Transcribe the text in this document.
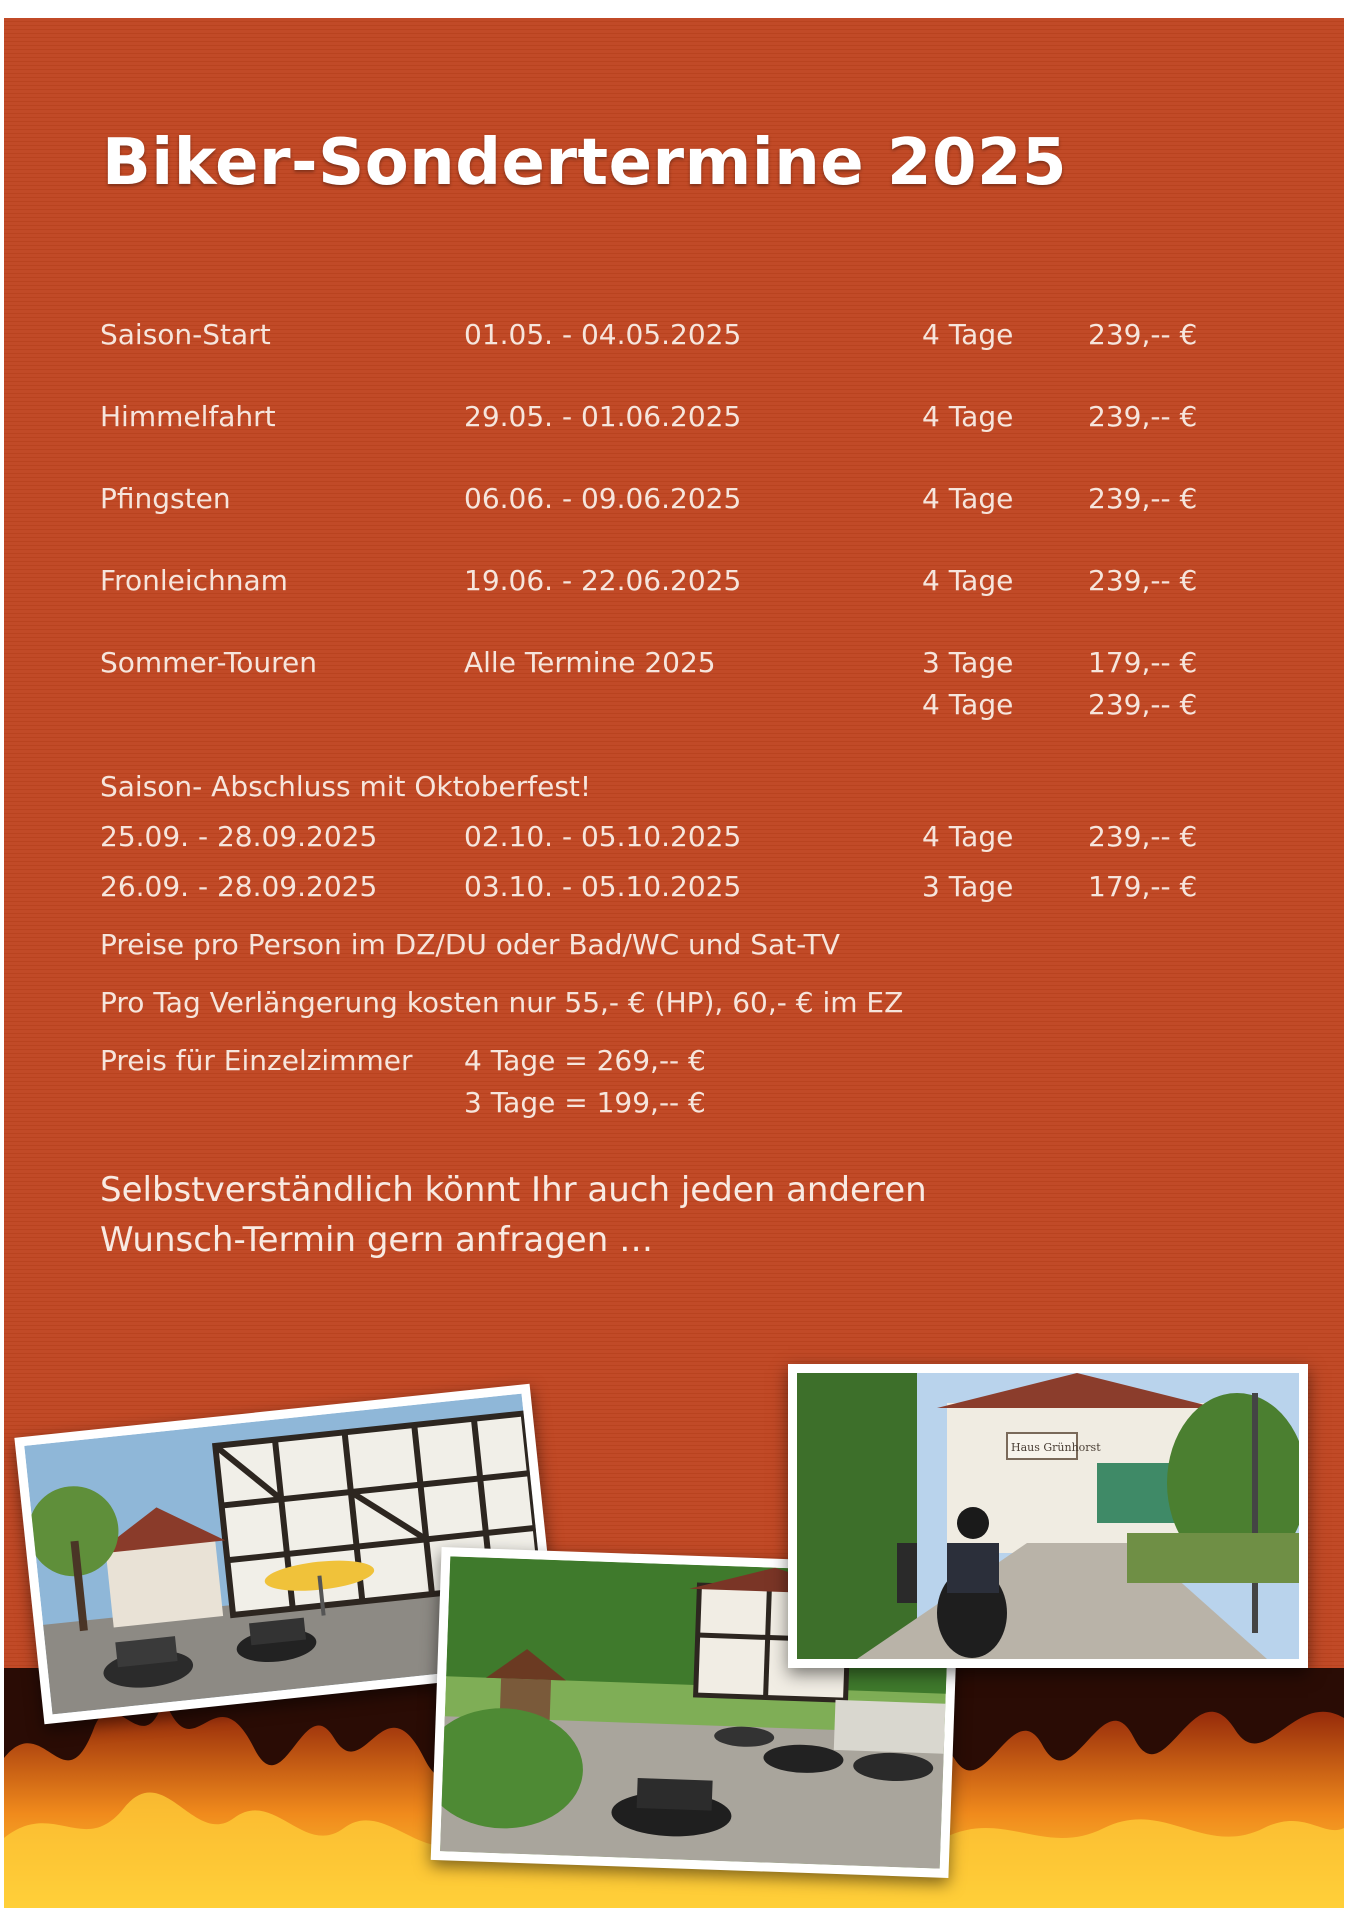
Biker-Sondertermine 2025
Saison-Start	01.05. - 04.05.2025	4 Tage	239,-- €
Himmelfahrt	29.05. - 01.06.2025	4 Tage	239,-- €
Pfingsten	06.06. - 09.06.2025	4 Tage	239,-- €
Fronleichnam	19.06. - 22.06.2025	4 Tage	239,-- €
Sommer-Touren	Alle Termine 2025	3 Tage	179,-- €
4 Tage	239,-- €
Saison- Abschluss mit Oktoberfest!
25.09. - 28.09.2025	02.10. - 05.10.2025	4 Tage	239,-- €
26.09. - 28.09.2025	03.10. - 05.10.2025	3 Tage	179,-- €
Preise pro Person im DZ/DU oder Bad/WC und Sat-TV
Pro Tag Verlängerung kosten nur 55,- € (HP), 60,- € im EZ
Preis für Einzelzimmer 4 Tage = 269,-- €
3 Tage = 199,-- €
Selbstverständlich könnt Ihr auch jeden anderen
Wunsch-Termin gern anfragen …
Haus Grünhorst
